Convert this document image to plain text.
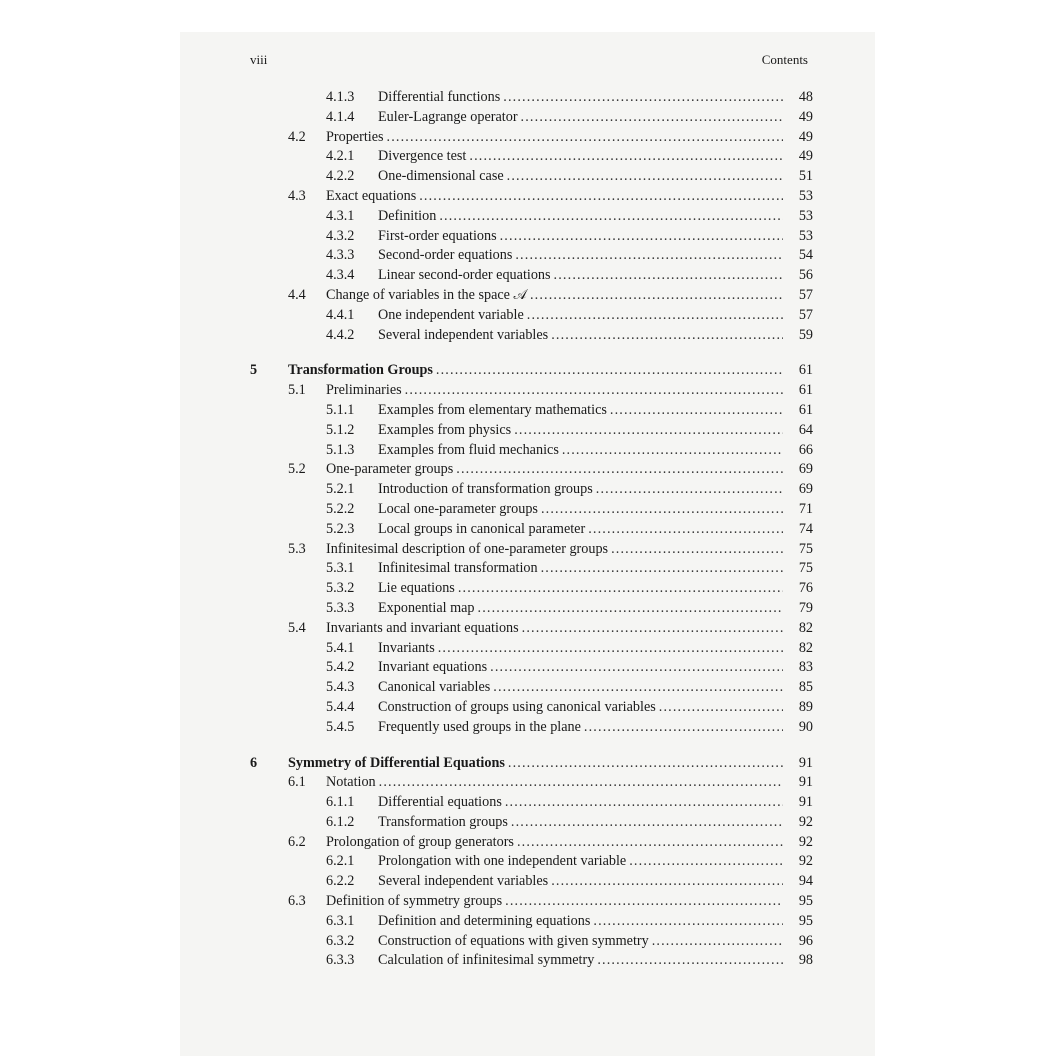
viii	Contents
4.1.3 Differential functions . . .	48
4.1.4 Euler-Lagrange operator . . .	49
4.2 Properties . . .	49
4.2.1 Divergence test . . .	49
4.2.2 One-dimensional case . . .	51
4.3 Exact equations . . .	53
4.3.1 Definition . . .	53
4.3.2 First-order equations . . .	53
4.3.3 Second-order equations . . .	54
4.3.4 Linear second-order equations . . .	56
4.4 Change of variables in the space 𝒜 . . .	57
4.4.1 One independent variable . . .	57
4.4.2 Several independent variables . . .	59
5 Transformation Groups . . .	61
5.1 Preliminaries . . .	61
5.1.1 Examples from elementary mathematics . . .	61
5.1.2 Examples from physics . . .	64
5.1.3 Examples from fluid mechanics . . .	66
5.2 One-parameter groups . . .	69
5.2.1 Introduction of transformation groups . . .	69
5.2.2 Local one-parameter groups . . .	71
5.2.3 Local groups in canonical parameter . . .	74
5.3 Infinitesimal description of one-parameter groups . . .	75
5.3.1 Infinitesimal transformation . . .	75
5.3.2 Lie equations . . .	76
5.3.3 Exponential map . . .	79
5.4 Invariants and invariant equations . . .	82
5.4.1 Invariants . . .	82
5.4.2 Invariant equations . . .	83
5.4.3 Canonical variables . . .	85
5.4.4 Construction of groups using canonical variables . . .	89
5.4.5 Frequently used groups in the plane . . .	90
6 Symmetry of Differential Equations . . .	91
6.1 Notation . . .	91
6.1.1 Differential equations . . .	91
6.1.2 Transformation groups . . .	92
6.2 Prolongation of group generators . . .	92
6.2.1 Prolongation with one independent variable . . .	92
6.2.2 Several independent variables . . .	94
6.3 Definition of symmetry groups . . .	95
6.3.1 Definition and determining equations . . .	95
6.3.2 Construction of equations with given symmetry . . .	96
6.3.3 Calculation of infinitesimal symmetry . . .	98
